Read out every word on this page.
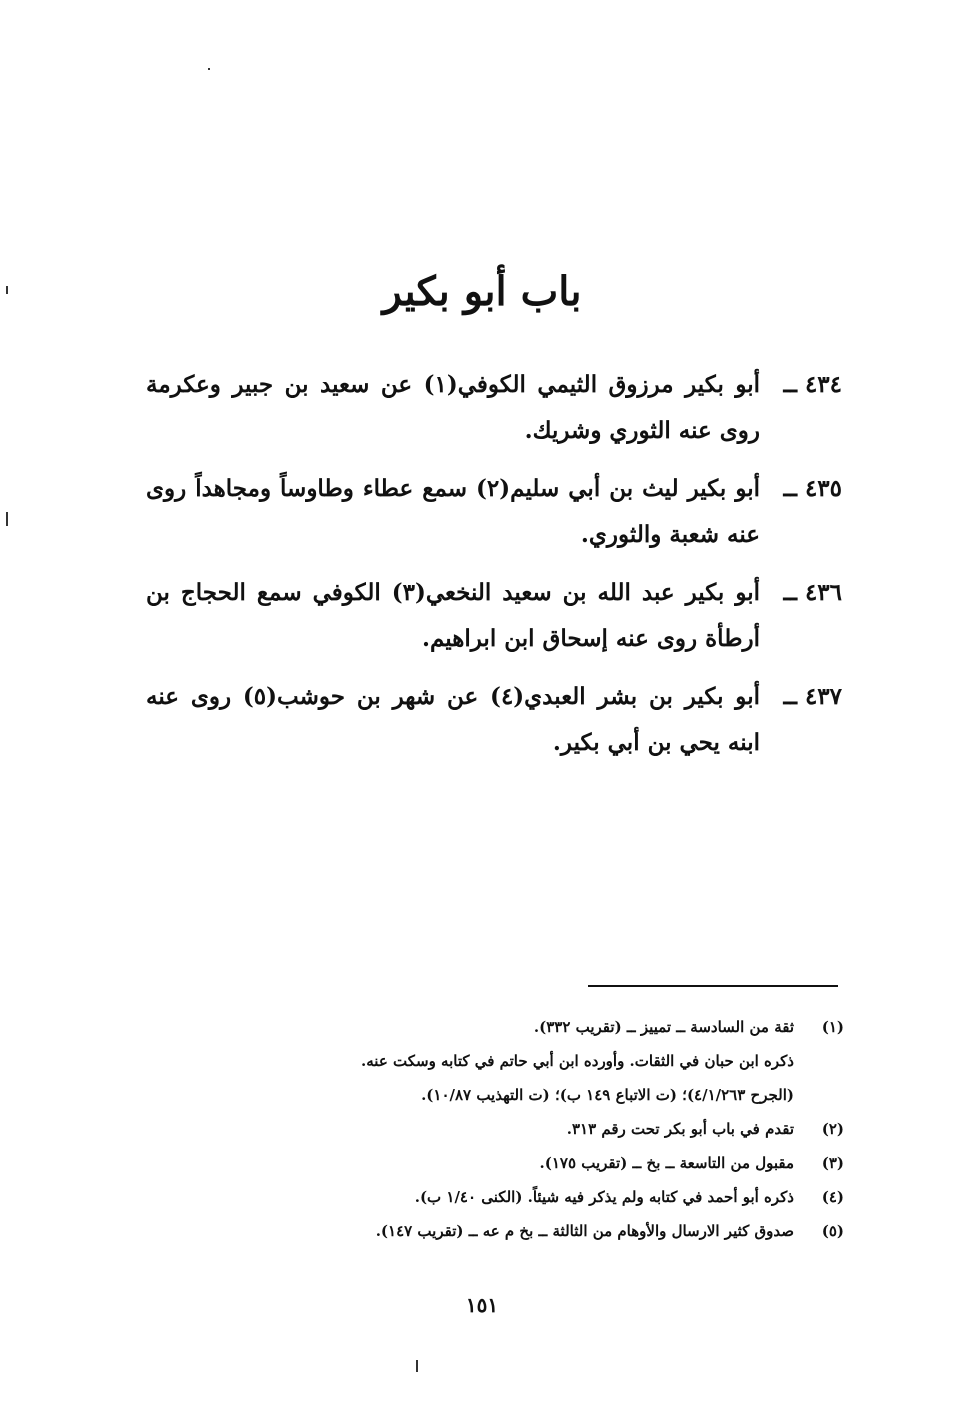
باب أبو بكير
٤٣٤ ــ
أبو بكير مرزوق الثيمي الكوفي(١) عن سعيد بن جبير وعكرمة روى عنه الثوري وشريك.
٤٣٥ ــ
أبو بكير ليث بن أبي سليم(٢) سمع عطاء وطاوساً ومجاهداً روى عنه شعبة والثوري.
٤٣٦ ــ
أبو بكير عبد الله بن سعيد النخعي(٣) الكوفي سمع الحجاج بن أرطأة روى عنه إسحاق ابن ابراهيم.
٤٣٧ ــ
أبو بكير بن بشر العبدي(٤) عن شهر بن حوشب(٥) روى عنه ابنه يحي بن أبي بكير.
(١)
ثقة من السادسة ــ تمييز ــ (تقريب ٣٣٢).
ذكره ابن حبان في الثقات. وأورده ابن أبي حاتم في كتابه وسكت عنه.
(الجرح ٤/١/٢٦٣)؛ (ت الاتباع ١٤٩ ب)؛ (ت التهذيب ١٠/٨٧).
(٢)
تقدم في باب أبو بكر تحت رقم ٣١٣.
(٣)
مقبول من التاسعة ــ بخ ــ (تقريب ١٧٥).
(٤)
ذكره أبو أحمد في كتابه ولم يذكر فيه شيئاً. (الكنى ١/٤٠ ب).
(٥)
صدوق كثير الارسال والأوهام من الثالثة ــ بخ م عه ــ (تقريب ١٤٧).
١٥١
